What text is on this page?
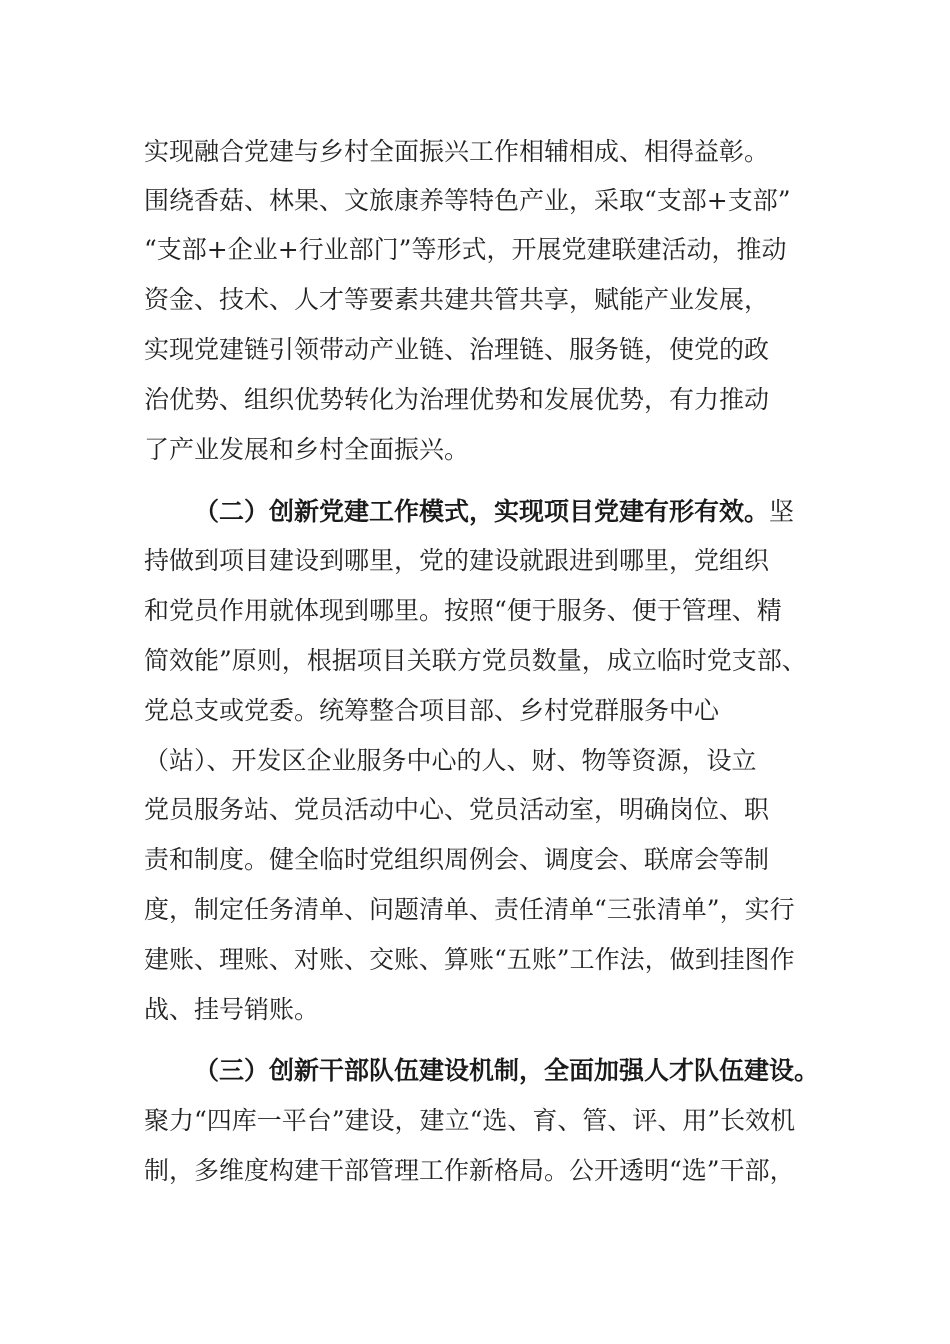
实现融合党建与乡村全面振兴工作相辅相成、相得益彰。
围绕香菇、林果、文旅康养等特色产业，采取“支部+支部”
“支部+企业+行业部门”等形式，开展党建联建活动，推动
资金、技术、人才等要素共建共管共享，赋能产业发展，
实现党建链引领带动产业链、治理链、服务链，使党的政
治优势、组织优势转化为治理优势和发展优势，有力推动
了产业发展和乡村全面振兴。
（二）创新党建工作模式，实现项目党建有形有效。坚
持做到项目建设到哪里，党的建设就跟进到哪里，党组织
和党员作用就体现到哪里。按照“便于服务、便于管理、精
简效能”原则，根据项目关联方党员数量，成立临时党支部、
党总支或党委。统筹整合项目部、乡村党群服务中心
（站）、开发区企业服务中心的人、财、物等资源，设立
党员服务站、党员活动中心、党员活动室，明确岗位、职
责和制度。健全临时党组织周例会、调度会、联席会等制
度，制定任务清单、问题清单、责任清单“三张清单”，实行
建账、理账、对账、交账、算账“五账”工作法，做到挂图作
战、挂号销账。
（三）创新干部队伍建设机制，全面加强人才队伍建设。
聚力“四库一平台”建设，建立“选、育、管、评、用”长效机
制，多维度构建干部管理工作新格局。公开透明“选”干部，
